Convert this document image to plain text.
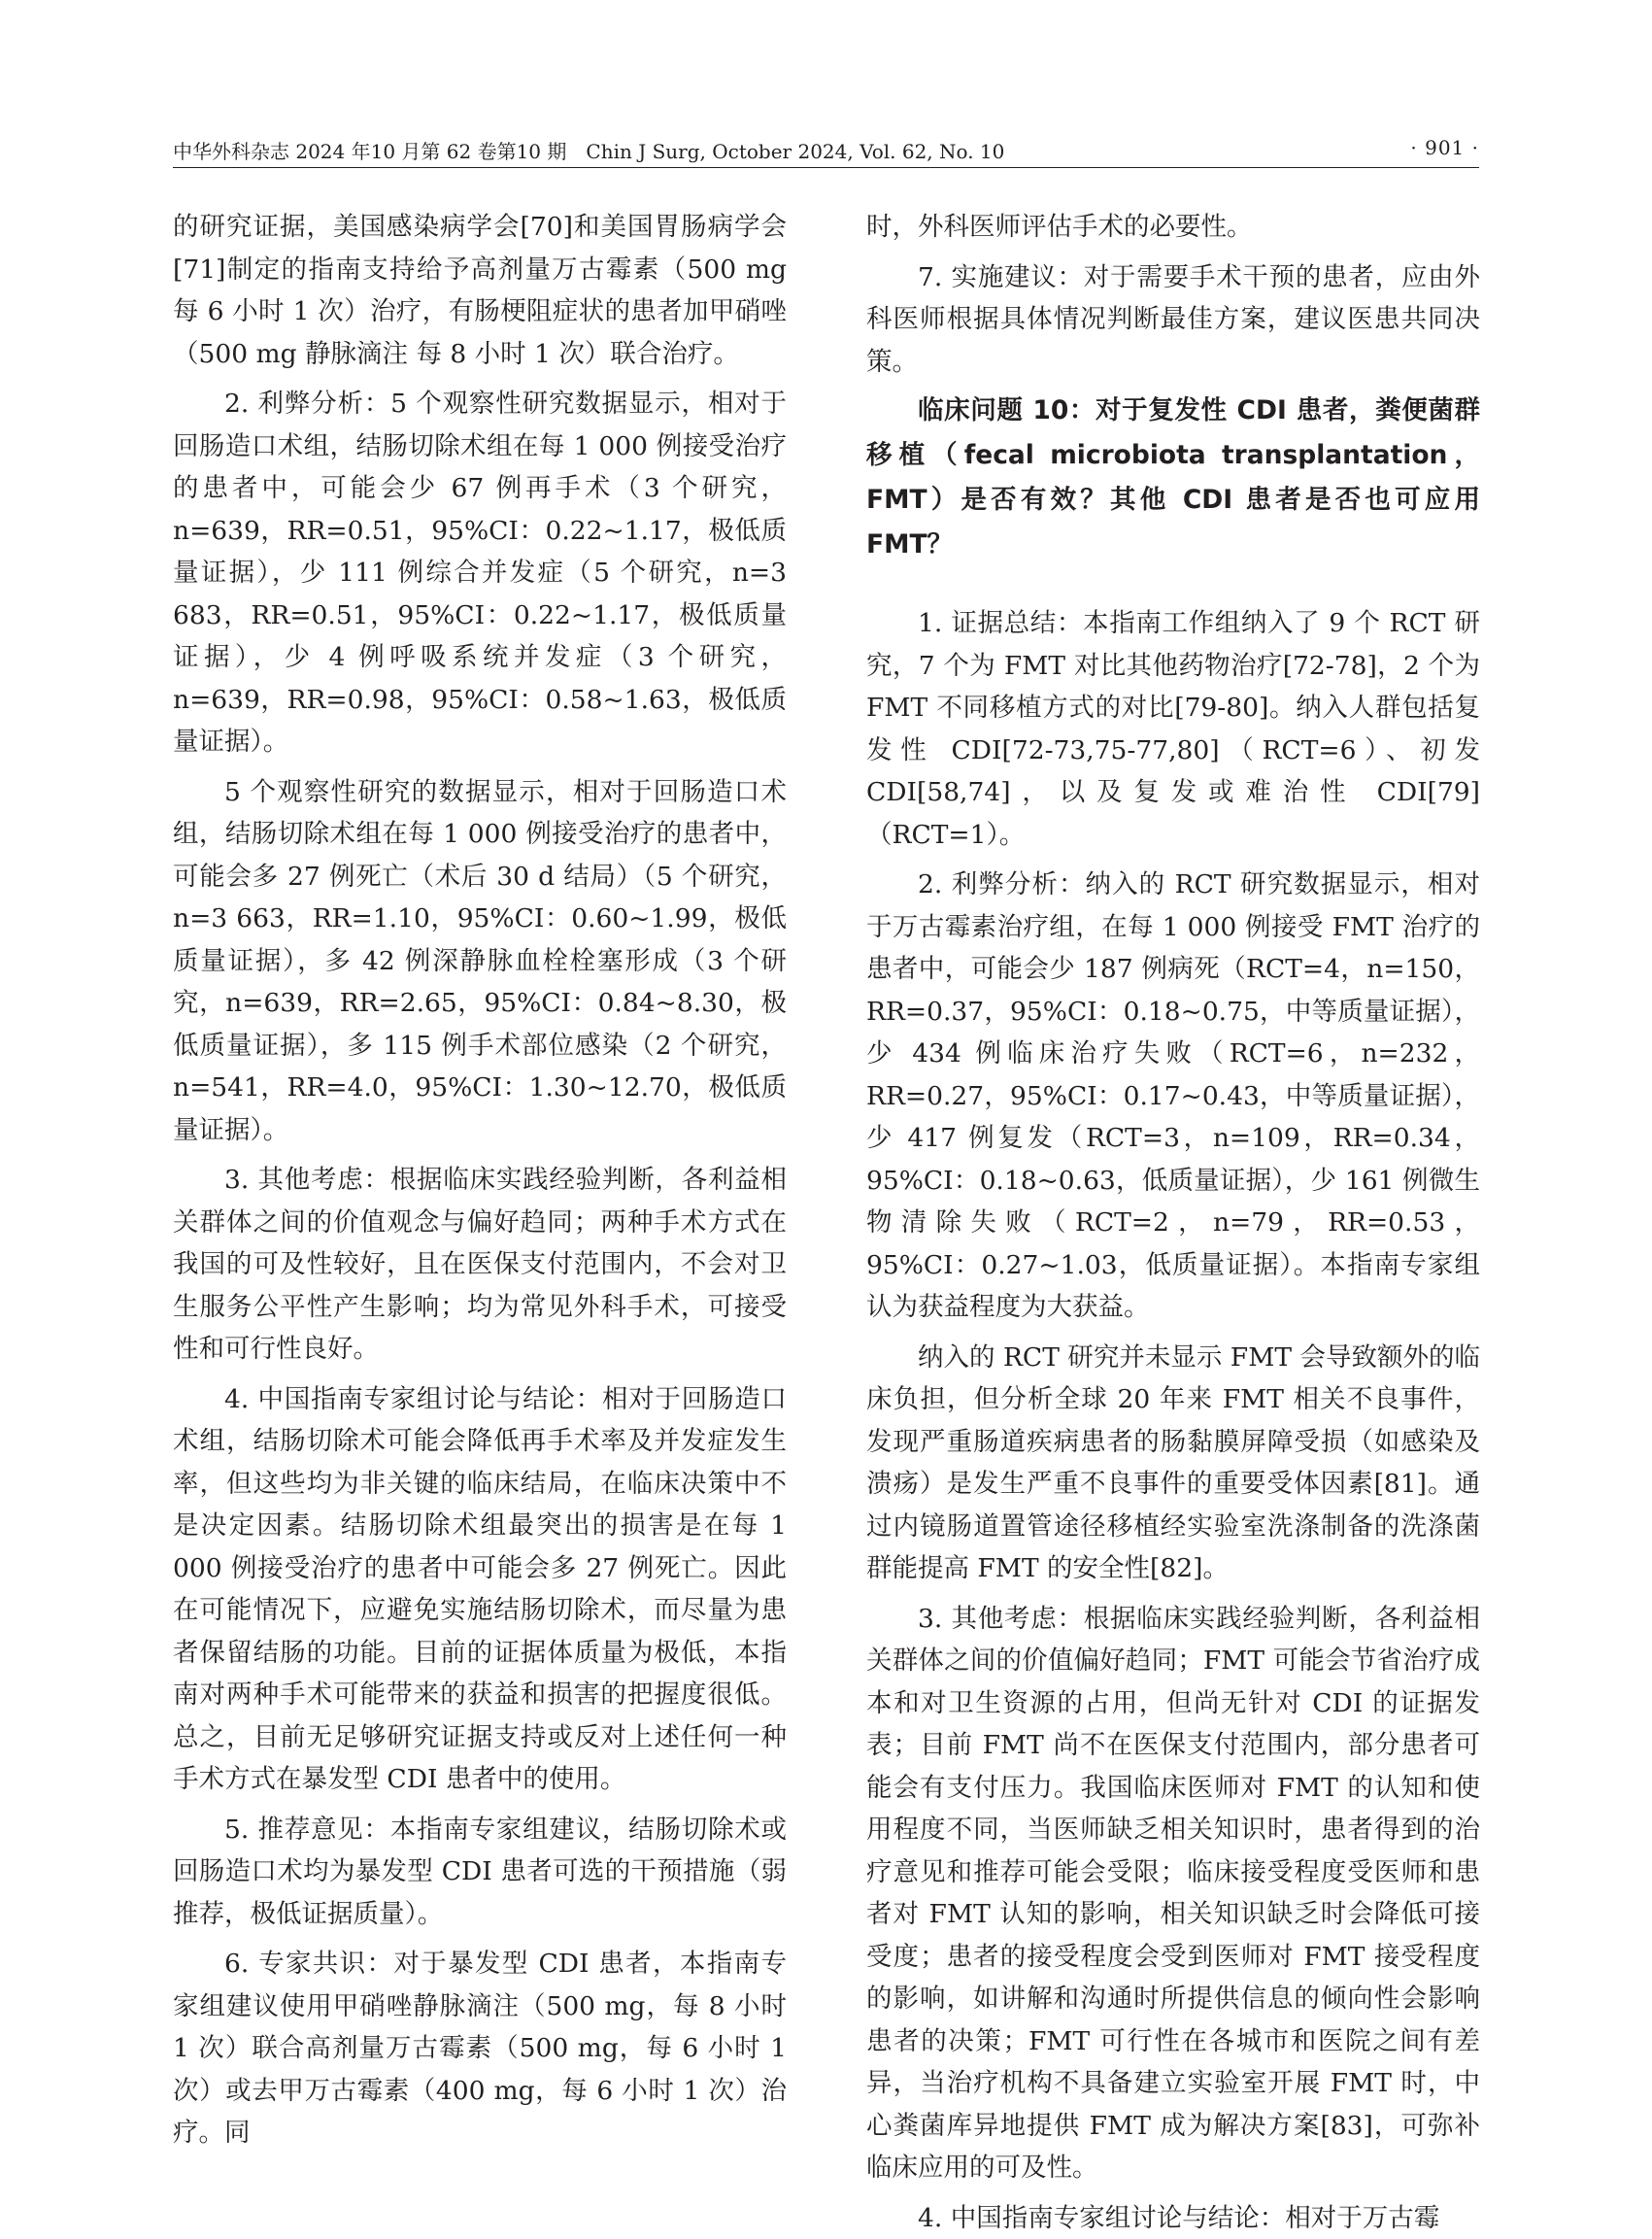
中华外科杂志 2024 年10 月第 62 卷第10 期　Chin J Surg, October 2024, Vol. 62, No. 10	· 901 ·

的研究证据，美国感染病学会[70]和美国胃肠病学会[71]制定的指南支持给予高剂量万古霉素（500 mg 每 6 小时 1 次）治疗，有肠梗阻症状的患者加甲硝唑（500 mg 静脉滴注 每 8 小时 1 次）联合治疗。

2. 利弊分析：5 个观察性研究数据显示，相对于回肠造口术组，结肠切除术组在每 1 000 例接受治疗的患者中，可能会少 67 例再手术（3 个研究，n=639，RR=0.51，95%CI：0.22~1.17，极低质量证据），少 111 例综合并发症（5 个研究，n=3 683，RR=0.51，95%CI：0.22~1.17，极低质量证据），少 4 例呼吸系统并发症（3 个研究，n=639，RR=0.98，95%CI：0.58~1.63，极低质量证据）。

5 个观察性研究的数据显示，相对于回肠造口术组，结肠切除术组在每 1 000 例接受治疗的患者中，可能会多 27 例死亡（术后 30 d 结局）（5 个研究，n=3 663，RR=1.10，95%CI：0.60~1.99，极低质量证据），多 42 例深静脉血栓栓塞形成（3 个研究，n=639，RR=2.65，95%CI：0.84~8.30，极低质量证据），多 115 例手术部位感染（2 个研究，n=541，RR=4.0，95%CI：1.30~12.70，极低质量证据）。

3. 其他考虑：根据临床实践经验判断，各利益相关群体之间的价值观念与偏好趋同；两种手术方式在我国的可及性较好，且在医保支付范围内，不会对卫生服务公平性产生影响；均为常见外科手术，可接受性和可行性良好。

4. 中国指南专家组讨论与结论：相对于回肠造口术组，结肠切除术可能会降低再手术率及并发症发生率，但这些均为非关键的临床结局，在临床决策中不是决定因素。结肠切除术组最突出的损害是在每 1 000 例接受治疗的患者中可能会多 27 例死亡。因此在可能情况下，应避免实施结肠切除术，而尽量为患者保留结肠的功能。目前的证据体质量为极低，本指南对两种手术可能带来的获益和损害的把握度很低。总之，目前无足够研究证据支持或反对上述任何一种手术方式在暴发型 CDI 患者中的使用。

5. 推荐意见：本指南专家组建议，结肠切除术或回肠造口术均为暴发型 CDI 患者可选的干预措施（弱推荐，极低证据质量）。

6. 专家共识：对于暴发型 CDI 患者，本指南专家组建议使用甲硝唑静脉滴注（500 mg，每 8 小时 1 次）联合高剂量万古霉素（500 mg，每 6 小时 1 次）或去甲万古霉素（400 mg，每 6 小时 1 次）治疗。同

时，外科医师评估手术的必要性。

7. 实施建议：对于需要手术干预的患者，应由外科医师根据具体情况判断最佳方案，建议医患共同决策。

临床问题 10：对于复发性 CDI 患者，粪便菌群移植（fecal microbiota transplantation，FMT）是否有效？其他 CDI 患者是否也可应用 FMT？

1. 证据总结：本指南工作组纳入了 9 个 RCT 研究，7 个为 FMT 对比其他药物治疗[72-78]，2 个为 FMT 不同移植方式的对比[79-80]。纳入人群包括复发性 CDI[72-73,75-77,80]（RCT=6）、初发 CDI[58,74]，以及复发或难治性 CDI[79]（RCT=1）。

2. 利弊分析：纳入的 RCT 研究数据显示，相对于万古霉素治疗组，在每 1 000 例接受 FMT 治疗的患者中，可能会少 187 例病死（RCT=4，n=150，RR=0.37，95%CI：0.18~0.75，中等质量证据），少 434 例临床治疗失败（RCT=6，n=232，RR=0.27，95%CI：0.17~0.43，中等质量证据），少 417 例复发（RCT=3，n=109，RR=0.34，95%CI：0.18~0.63，低质量证据），少 161 例微生物清除失败（RCT=2，n=79，RR=0.53，95%CI：0.27~1.03，低质量证据）。本指南专家组认为获益程度为大获益。

纳入的 RCT 研究并未显示 FMT 会导致额外的临床负担，但分析全球 20 年来 FMT 相关不良事件，发现严重肠道疾病患者的肠黏膜屏障受损（如感染及溃疡）是发生严重不良事件的重要受体因素[81]。通过内镜肠道置管途径移植经实验室洗涤制备的洗涤菌群能提高 FMT 的安全性[82]。

3. 其他考虑：根据临床实践经验判断，各利益相关群体之间的价值偏好趋同；FMT 可能会节省治疗成本和对卫生资源的占用，但尚无针对 CDI 的证据发表；目前 FMT 尚不在医保支付范围内，部分患者可能会有支付压力。我国临床医师对 FMT 的认知和使用程度不同，当医师缺乏相关知识时，患者得到的治疗意见和推荐可能会受限；临床接受程度受医师和患者对 FMT 认知的影响，相关知识缺乏时会降低可接受度；患者的接受程度会受到医师对 FMT 接受程度的影响，如讲解和沟通时所提供信息的倾向性会影响患者的决策；FMT 可行性在各城市和医院之间有差异，当治疗机构不具备建立实验室开展 FMT 时，中心粪菌库异地提供 FMT 成为解决方案[83]，可弥补临床应用的可及性。

4. 中国指南专家组讨论与结论：相对于万古霉
